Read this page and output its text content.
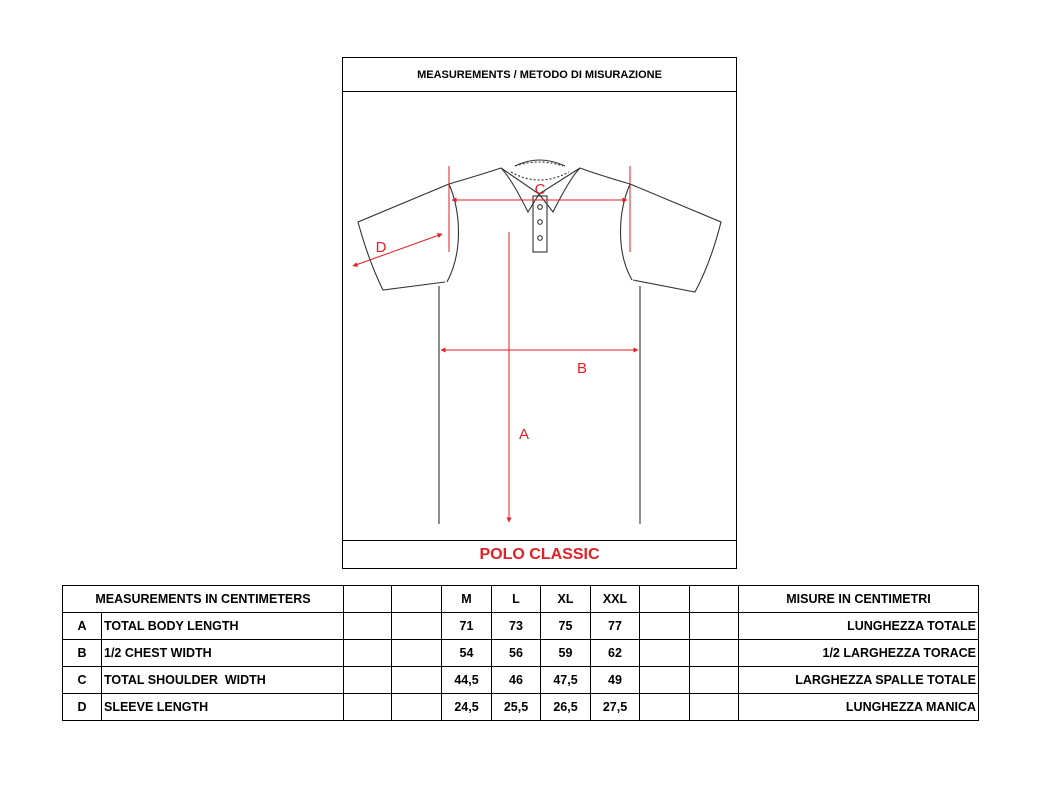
MEASUREMENTS / METODO DI MISURAZIONE
C
D
B
A
POLO CLASSIC
MEASUREMENTS IN CENTIMETERS				M	L	XL	XXL			MISURE IN CENTIMETRI
A	TOTAL BODY LENGTH			71	73	75	77			LUNGHEZZA TOTALE
B	1/2 CHEST WIDTH			54	56	59	62			1/2 LARGHEZZA TORACE
C	TOTAL SHOULDER  WIDTH			44,5	46	47,5	49			LARGHEZZA SPALLE TOTALE
D	SLEEVE LENGTH			24,5	25,5	26,5	27,5			LUNGHEZZA MANICA
